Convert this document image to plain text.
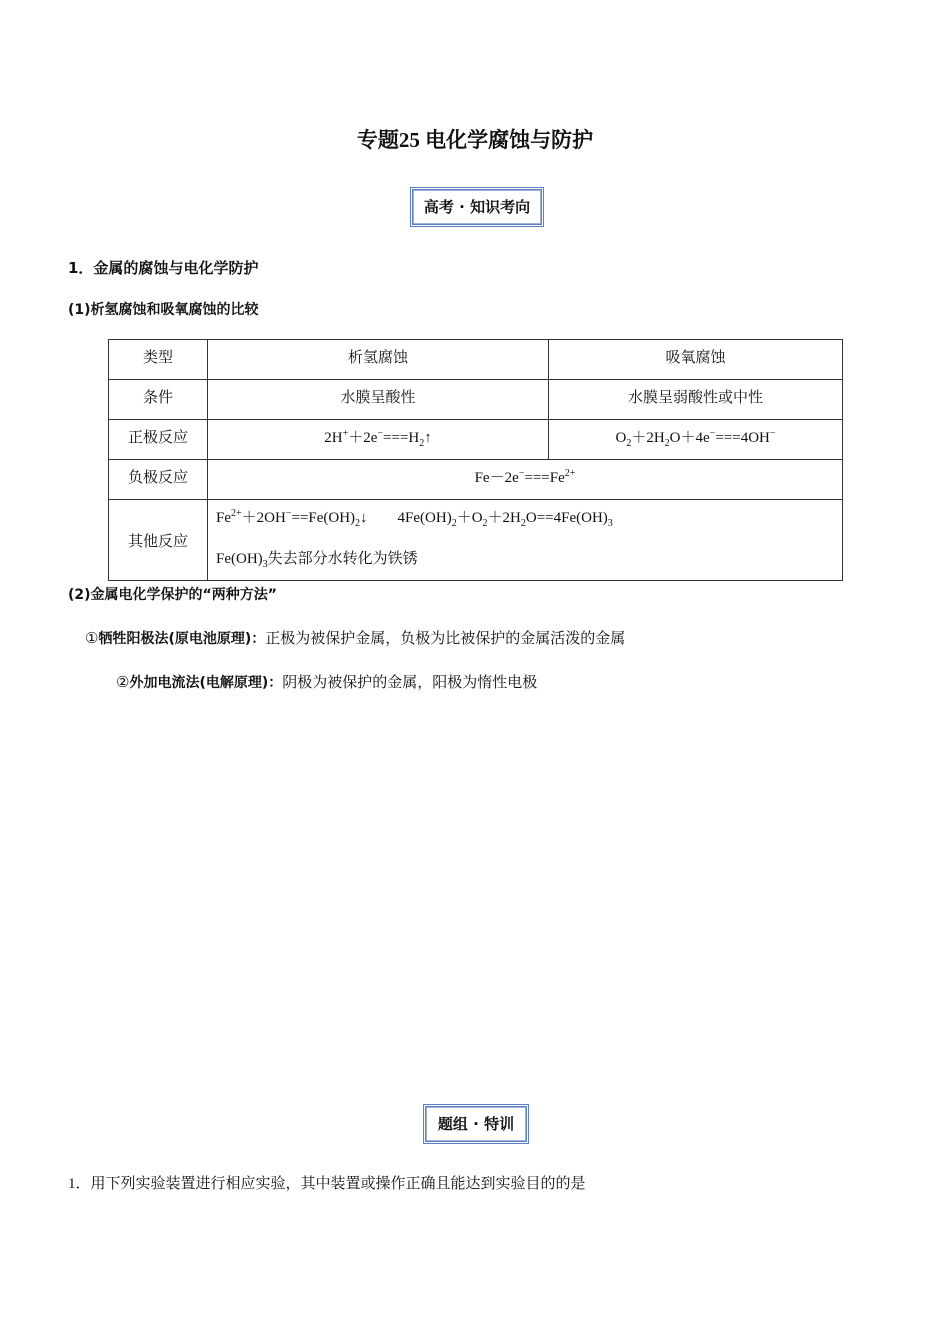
专题25 电化学腐蚀与防护
高考 · 知识考向
1．金属的腐蚀与电化学防护
(1)析氢腐蚀和吸氧腐蚀的比较
类型	析氢腐蚀	吸氧腐蚀
条件	水膜呈酸性	水膜呈弱酸性或中性
正极反应	$2H^++2e^-===H_2↑$	$O_2+2H_2O+4e^-===4OH^-$
负极反应	$Fe-2e^-===Fe^{2+}$
其他反应	$Fe^{2+}+2OH^-==Fe(OH)_2↓$　　$4Fe(OH)_2+O_2+2H_2O==4Fe(OH)_3$
$Fe(OH)_3$失去部分水转化为铁锈	
(2)金属电化学保护的“两种方法”
①牺牲阳极法(原电池原理)：正极为被保护金属，负极为比被保护的金属活泼的金属
②外加电流法(电解原理)：阴极为被保护的金属，阳极为惰性电极
题组 · 特训
1．用下列实验装置进行相应实验，其中装置或操作正确且能达到实验目的的是
